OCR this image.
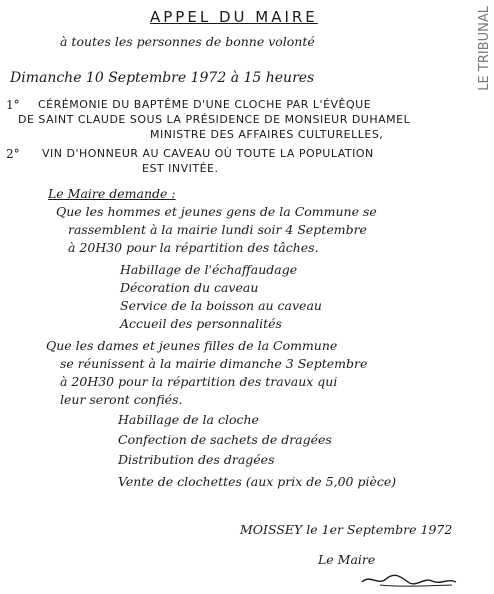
LE TRIBUNAL
APPEL DU MAIRE
à toutes les personnes de bonne volonté
Dimanche 10 Septembre 1972 à 15 heures
1° CÉRÉMONIE DU BAPTÊME D'UNE CLOCHE PAR L'ÉVÊQUE
DE SAINT CLAUDE SOUS LA PRÉSIDENCE DE MONSIEUR DUHAMEL
MINISTRE DES AFFAIRES CULTURELLES,
2° VIN D'HONNEUR AU CAVEAU OÙ TOUTE LA POPULATION
EST INVITÉE.
Le Maire demande :
Que les hommes et jeunes gens de la Commune se
rassemblent à la mairie lundi soir 4 Septembre
à 20H30 pour la répartition des tâches.
Habillage de l'échaffaudage
Décoration du caveau
Service de la boisson au caveau
Accueil des personnalités
Que les dames et jeunes filles de la Commune
se réunissent à la mairie dimanche 3 Septembre
à 20H30 pour la répartition des travaux qui
leur seront confiés.
Habillage de la cloche
Confection de sachets de dragées
Distribution des dragées
Vente de clochettes (aux prix de 5,00 pièce)
MOISSEY le 1er Septembre 1972
Le Maire
